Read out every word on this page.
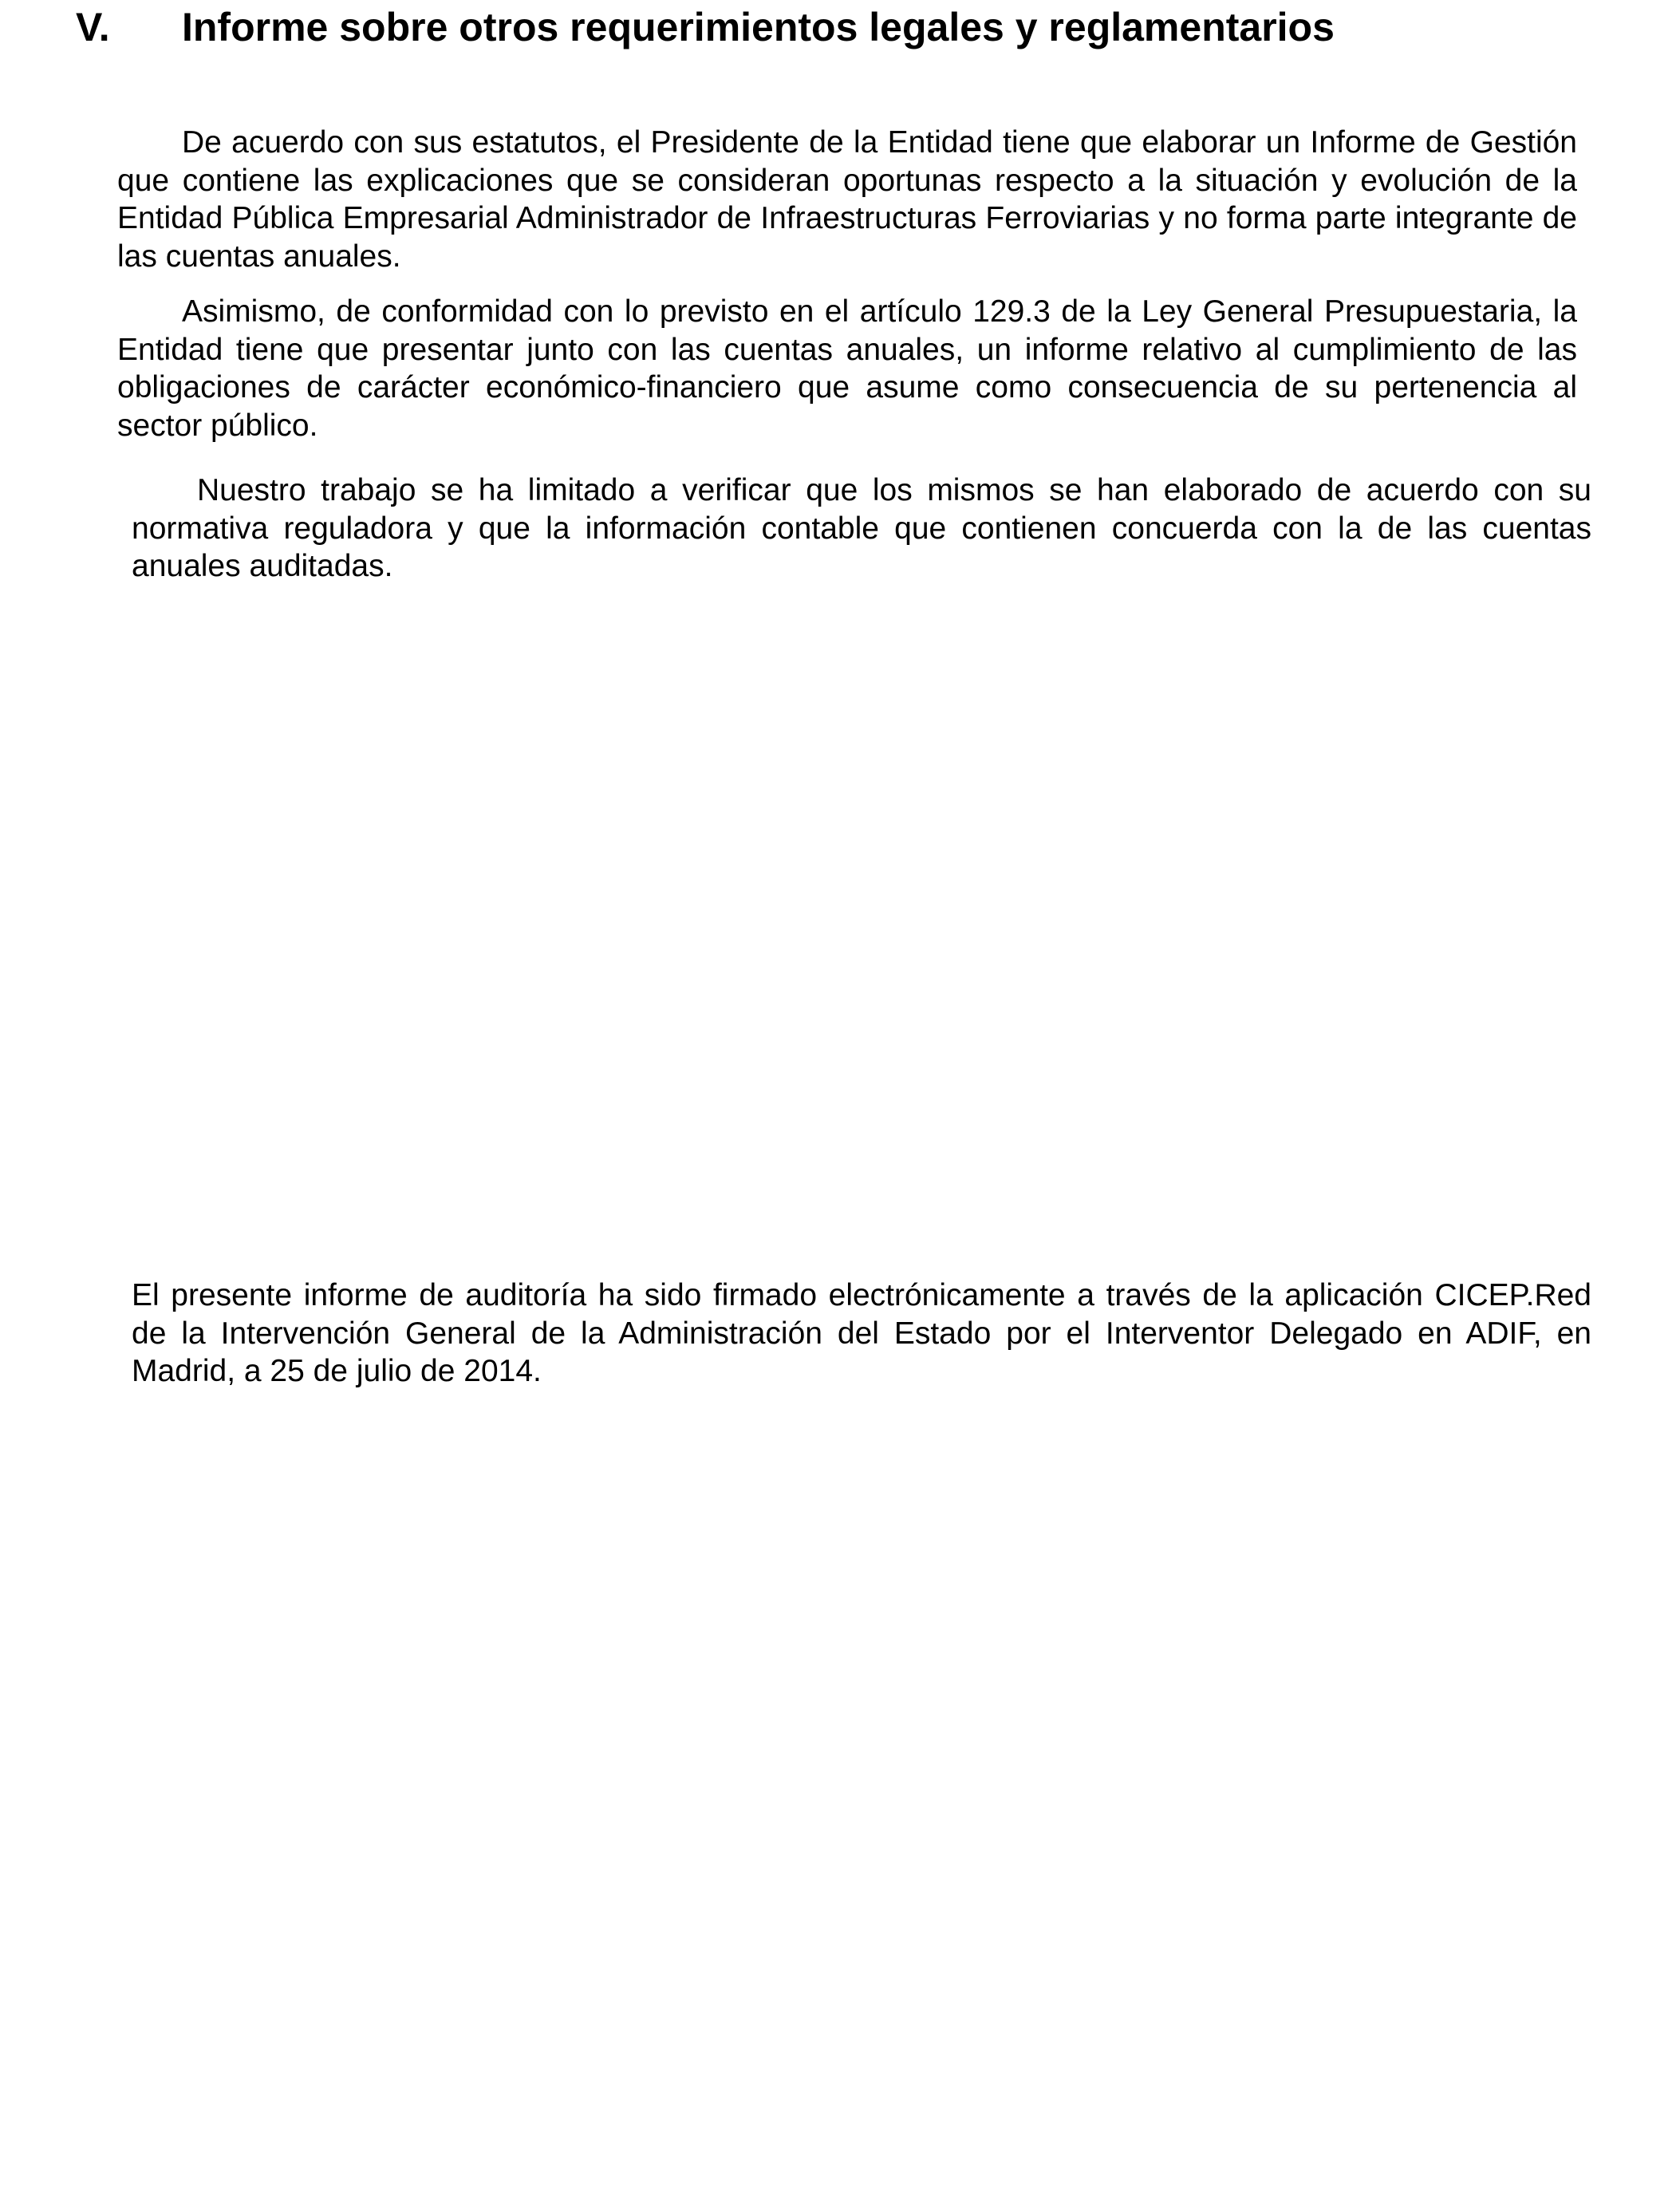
V. Informe sobre otros requerimientos legales y reglamentarios

De acuerdo con sus estatutos, el Presidente de la Entidad tiene que elaborar un Informe de Gestión que contiene las explicaciones que se consideran oportunas respecto a la situación y evolución de la Entidad Pública Empresarial Administrador de Infraestructuras Ferroviarias y no forma parte integrante de las cuentas anuales.

Asimismo, de conformidad con lo previsto en el artículo 129.3 de la Ley General Presupuestaria, la Entidad tiene que presentar junto con las cuentas anuales, un informe relativo al cumplimiento de las obligaciones de carácter económico-financiero que asume como consecuencia de su pertenencia al sector público.

Nuestro trabajo se ha limitado a verificar que los mismos se han elaborado de acuerdo con su normativa reguladora y que la información contable que contienen concuerda con la de las cuentas anuales auditadas.

El presente informe de auditoría ha sido firmado electrónicamente a través de la aplicación CICEP.Red de la Intervención General de la Administración del Estado por el Interventor Delegado en ADIF, en Madrid, a 25 de julio de 2014.
